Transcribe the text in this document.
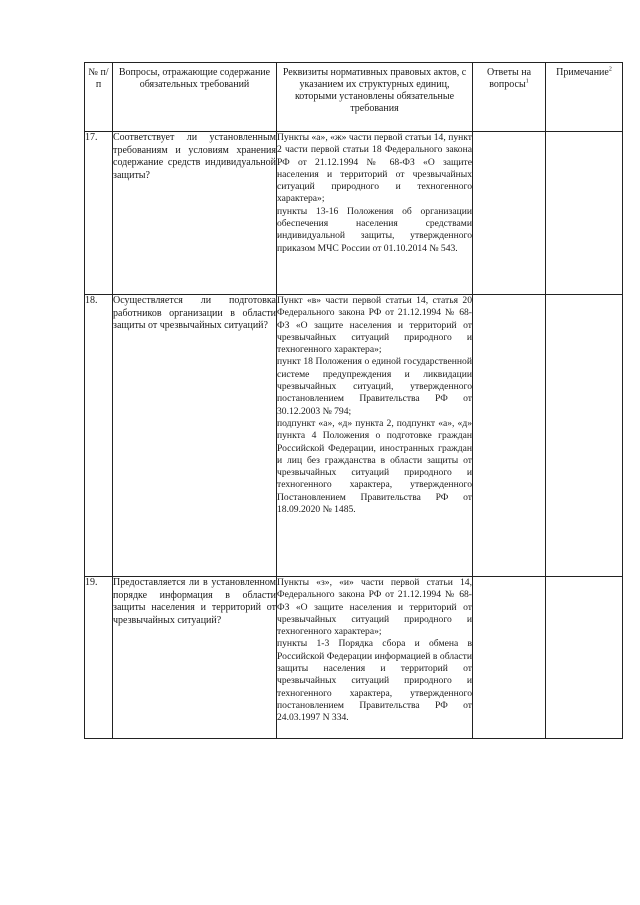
№ п/п	Вопросы, отражающие содержание обязательных требований	Реквизиты нормативных правовых актов, с указанием их структурных единиц, которыми установлены обязательные требования	Ответы на вопросы$^1$	Примечание$^2$

17.	Соответствует ли установленным требованиям и условиям хранения содержание средств индивидуальной защиты?	Пункты «а», «ж» части первой статьи 14, пункт 2 части первой статьи 18 Федерального закона РФ от 21.12.1994 № 68-ФЗ «О защите населения и территорий от чрезвычайных ситуаций природного и техногенного характера»;
пункты 13-16 Положения об организации обеспечения населения средствами индивидуальной защиты, утвержденного приказом МЧС России от 01.10.2014 № 543.		

18.	Осуществляется ли подготовка работников организации в области защиты от чрезвычайных ситуаций?	Пункт «в» части первой статьи 14, статья 20 Федерального закона РФ от 21.12.1994 № 68-ФЗ «О защите населения и территорий от чрезвычайных ситуаций природного и техногенного характера»;
пункт 18 Положения о единой государственной системе предупреждения и ликвидации чрезвычайных ситуаций, утвержденного постановлением Правительства РФ от 30.12.2003 № 794;
подпункт «а», «д» пункта 2, подпункт «а», «д» пункта 4 Положения о подготовке граждан Российской Федерации, иностранных граждан и лиц без гражданства в области защиты от чрезвычайных ситуаций природного и техногенного характера, утвержденного Постановлением Правительства РФ от 18.09.2020 № 1485.		

19.	Предоставляется ли в установленном порядке информация в области защиты населения и территорий от чрезвычайных ситуаций?	Пункты «з», «и» части первой статьи 14, Федерального закона РФ от 21.12.1994 № 68-ФЗ «О защите населения и территорий от чрезвычайных ситуаций природного и техногенного характера»;
пункты 1-3 Порядка сбора и обмена в Российской Федерации информацией в области защиты населения и территорий от чрезвычайных ситуаций природного и техногенного характера, утвержденного постановлением Правительства РФ от 24.03.1997 N 334.		
